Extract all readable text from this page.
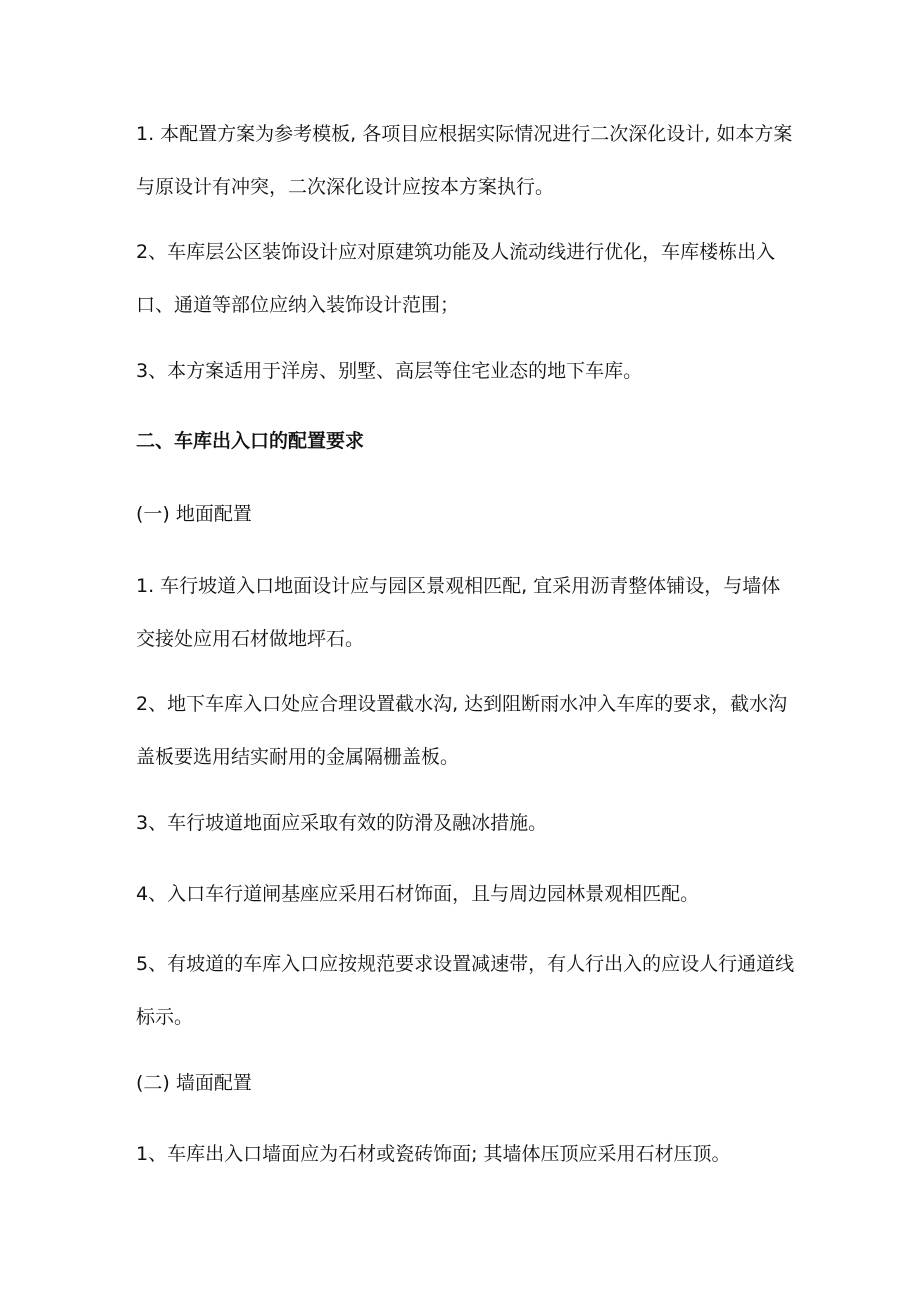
1. 本配置方案为参考模板, 各项目应根据实际情况进行二次深化设计, 如本方案与原设计有冲突，二次深化设计应按本方案执行。

2、车库层公区装饰设计应对原建筑功能及人流动线进行优化，车库楼栋出入口、通道等部位应纳入装饰设计范围；

3、本方案适用于洋房、别墅、高层等住宅业态的地下车库。

二、车库出入口的配置要求

(一) 地面配置

1. 车行坡道入口地面设计应与园区景观相匹配, 宜采用沥青整体铺设，与墙体交接处应用石材做地坪石。

2、地下车库入口处应合理设置截水沟, 达到阻断雨水冲入车库的要求，截水沟盖板要选用结实耐用的金属隔栅盖板。

3、车行坡道地面应采取有效的防滑及融冰措施。

4、入口车行道闸基座应采用石材饰面，且与周边园林景观相匹配。

5、有坡道的车库入口应按规范要求设置减速带，有人行出入的应设人行通道线标示。

(二) 墙面配置

1、车库出入口墙面应为石材或瓷砖饰面; 其墙体压顶应采用石材压顶。
